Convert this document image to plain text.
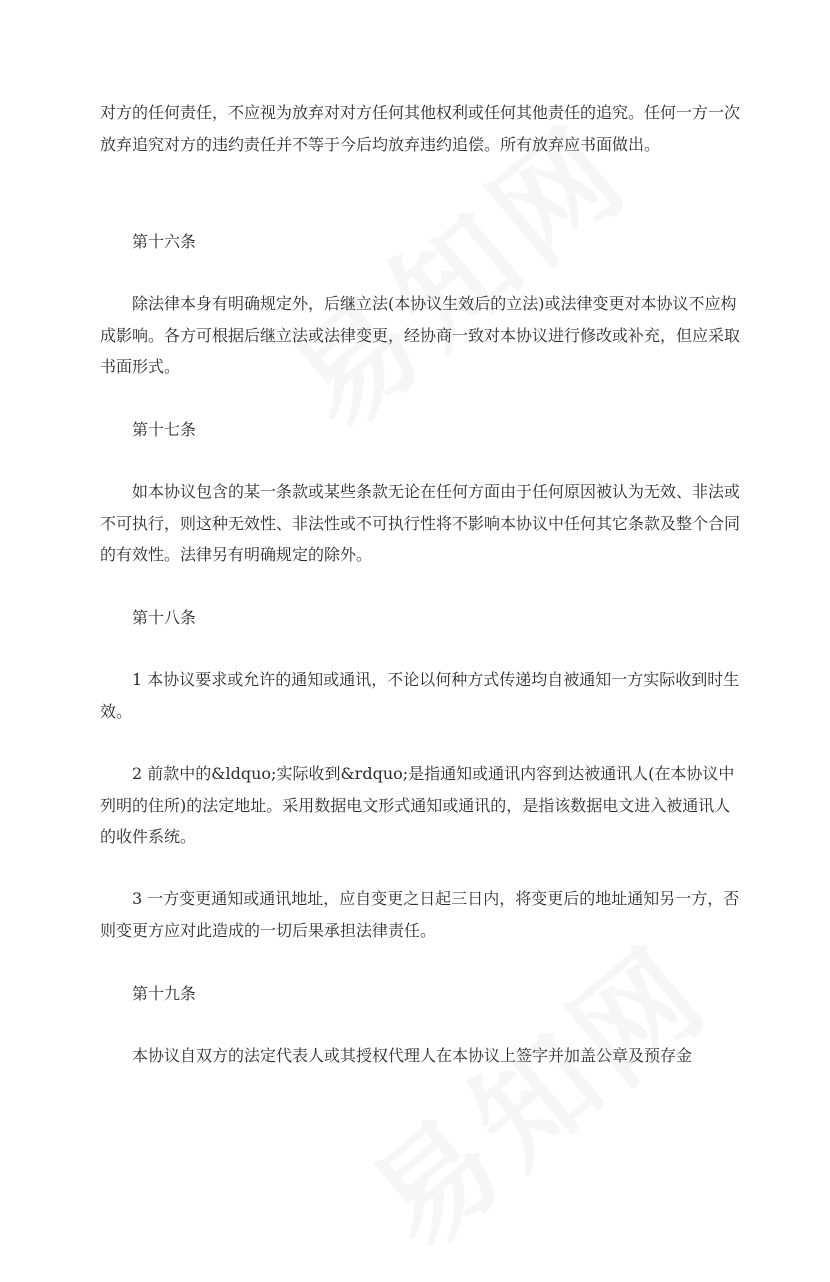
对方的任何责任，不应视为放弃对对方任何其他权利或任何其他责任的追究。任何一方一次放弃追究对方的违约责任并不等于今后均放弃违约追偿。所有放弃应书面做出。

第十六条

除法律本身有明确规定外，后继立法(本协议生效后的立法)或法律变更对本协议不应构成影响。各方可根据后继立法或法律变更，经协商一致对本协议进行修改或补充，但应采取书面形式。

第十七条

如本协议包含的某一条款或某些条款无论在任何方面由于任何原因被认为无效、非法或不可执行，则这种无效性、非法性或不可执行性将不影响本协议中任何其它条款及整个合同的有效性。法律另有明确规定的除外。

第十八条

1 本协议要求或允许的通知或通讯，不论以何种方式传递均自被通知一方实际收到时生效。

2 前款中的&ldquo;实际收到&rdquo;是指通知或通讯内容到达被通讯人(在本协议中列明的住所)的法定地址。采用数据电文形式通知或通讯的，是指该数据电文进入被通讯人的收件系统。

3 一方变更通知或通讯地址，应自变更之日起三日内，将变更后的地址通知另一方，否则变更方应对此造成的一切后果承担法律责任。

第十九条

本协议自双方的法定代表人或其授权代理人在本协议上签字并加盖公章及预存金
